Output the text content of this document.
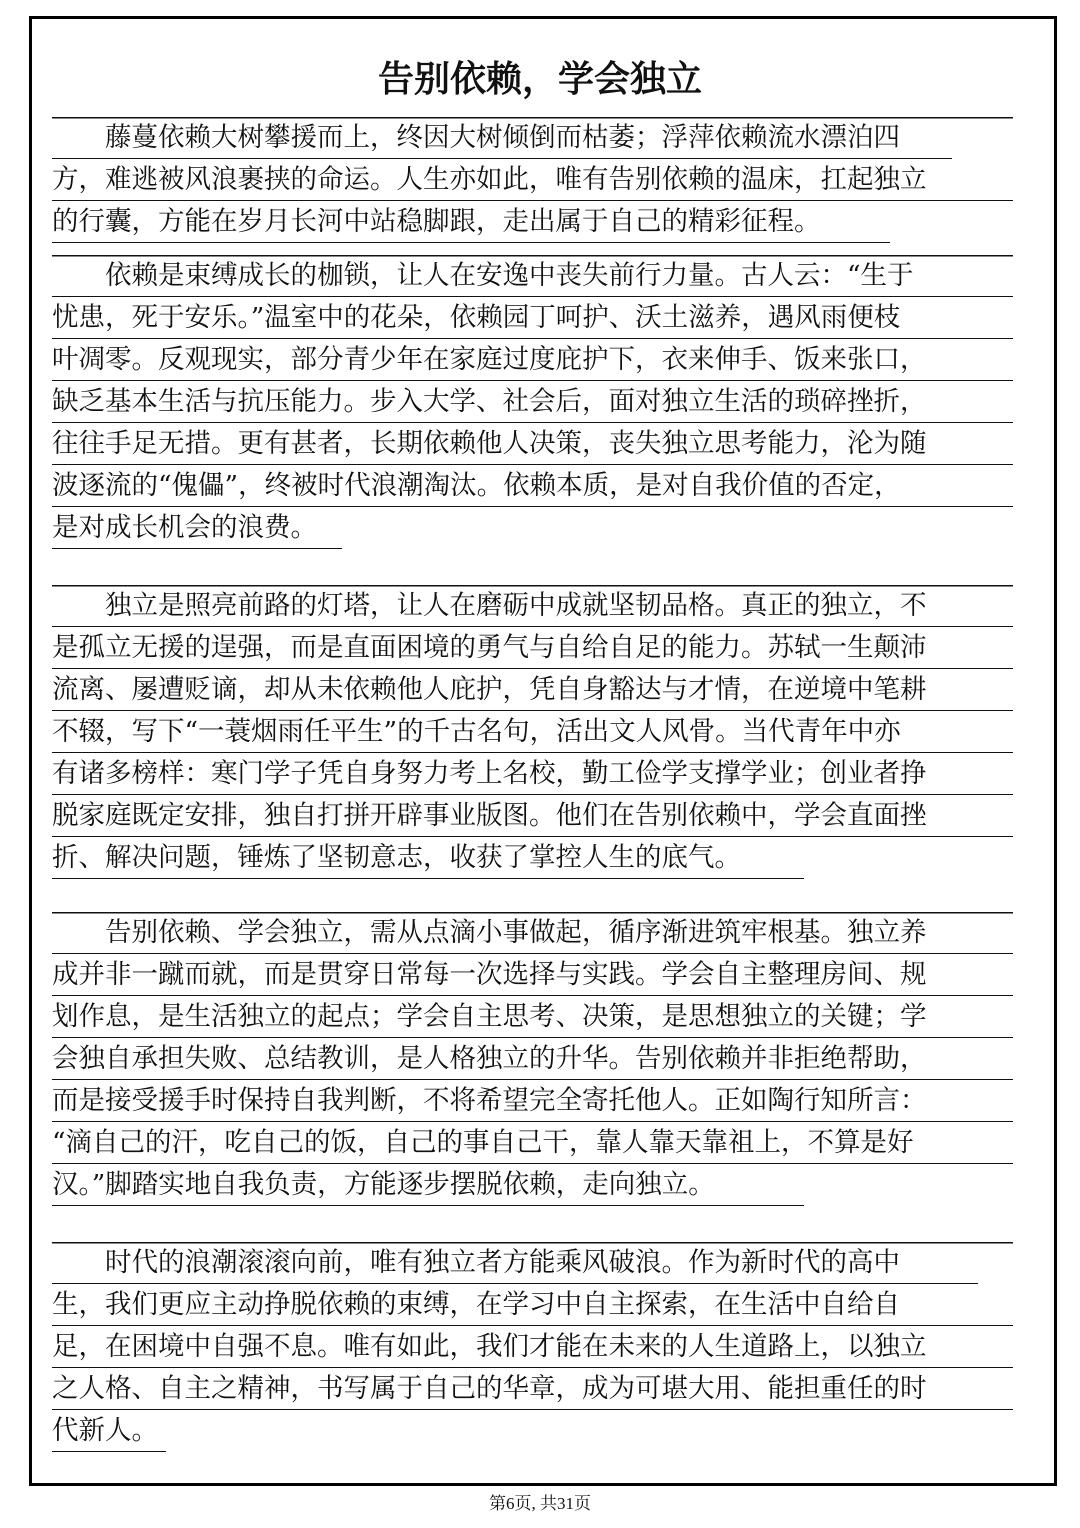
告别依赖，学会独立
　　藤蔓依赖大树攀援而上，终因大树倾倒而枯萎；浮萍依赖流水漂泊四
方，难逃被风浪裹挟的命运。人生亦如此，唯有告别依赖的温床，扛起独立
的行囊，方能在岁月长河中站稳脚跟，走出属于自己的精彩征程。
　　依赖是束缚成长的枷锁，让人在安逸中丧失前行力量。古人云：“生于
忧患，死于安乐。”温室中的花朵，依赖园丁呵护、沃土滋养，遇风雨便枝
叶凋零。反观现实，部分青少年在家庭过度庇护下，衣来伸手、饭来张口，
缺乏基本生活与抗压能力。步入大学、社会后，面对独立生活的琐碎挫折，
往往手足无措。更有甚者，长期依赖他人决策，丧失独立思考能力，沦为随
波逐流的“傀儡”，终被时代浪潮淘汰。依赖本质，是对自我价值的否定，
是对成长机会的浪费。
　　独立是照亮前路的灯塔，让人在磨砺中成就坚韧品格。真正的独立，不
是孤立无援的逞强，而是直面困境的勇气与自给自足的能力。苏轼一生颠沛
流离、屡遭贬谪，却从未依赖他人庇护，凭自身豁达与才情，在逆境中笔耕
不辍，写下“一蓑烟雨任平生”的千古名句，活出文人风骨。当代青年中亦
有诸多榜样：寒门学子凭自身努力考上名校，勤工俭学支撑学业；创业者挣
脱家庭既定安排，独自打拼开辟事业版图。他们在告别依赖中，学会直面挫
折、解决问题，锤炼了坚韧意志，收获了掌控人生的底气。
　　告别依赖、学会独立，需从点滴小事做起，循序渐进筑牢根基。独立养
成并非一蹴而就，而是贯穿日常每一次选择与实践。学会自主整理房间、规
划作息，是生活独立的起点；学会自主思考、决策，是思想独立的关键；学
会独自承担失败、总结教训，是人格独立的升华。告别依赖并非拒绝帮助，
而是接受援手时保持自我判断，不将希望完全寄托他人。正如陶行知所言：
“滴自己的汗，吃自己的饭，自己的事自己干，靠人靠天靠祖上，不算是好
汉。”脚踏实地自我负责，方能逐步摆脱依赖，走向独立。
　　时代的浪潮滚滚向前，唯有独立者方能乘风破浪。作为新时代的高中
生，我们更应主动挣脱依赖的束缚，在学习中自主探索，在生活中自给自
足，在困境中自强不息。唯有如此，我们才能在未来的人生道路上，以独立
之人格、自主之精神，书写属于自己的华章，成为可堪大用、能担重任的时
代新人。
第6页, 共31页
